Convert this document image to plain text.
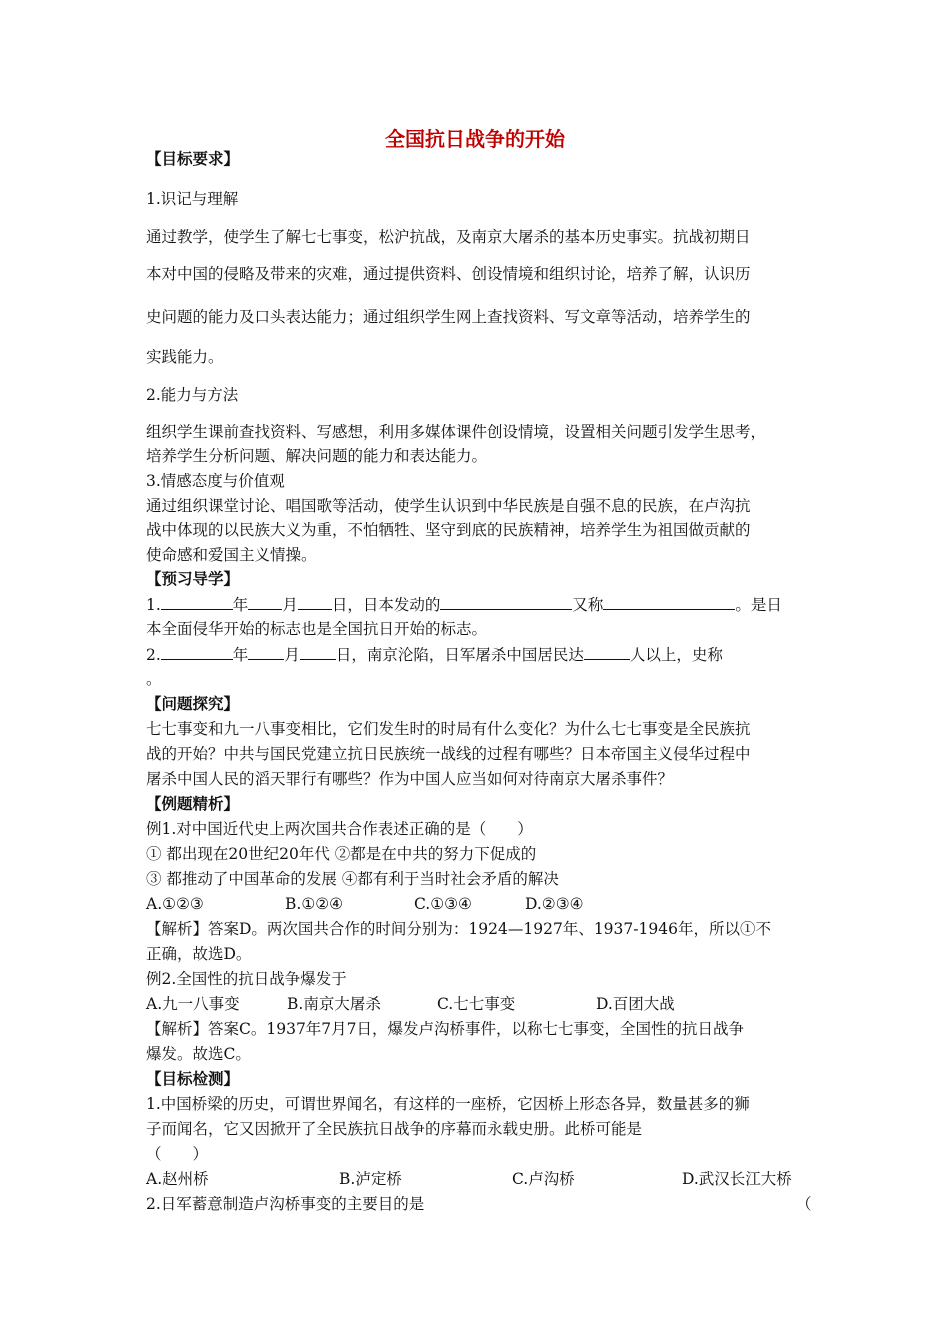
全国抗日战争的开始
【目标要求】
1.识记与理解
通过教学，使学生了解七七事变，松沪抗战，及南京大屠杀的基本历史事实。抗战初期日
本对中国的侵略及带来的灾难，通过提供资料、创设情境和组织讨论，培养了解，认识历
史问题的能力及口头表达能力；通过组织学生网上查找资料、写文章等活动，培养学生的
实践能力。
2.能力与方法
组织学生课前查找资料、写感想，利用多媒体课件创设情境，设置相关问题引发学生思考，
培养学生分析问题、解决问题的能力和表达能力。
3.情感态度与价值观
通过组织课堂讨论、唱国歌等活动，使学生认识到中华民族是自强不息的民族，在卢沟抗
战中体现的以民族大义为重，不怕牺牲、坚守到底的民族精神，培养学生为祖国做贡献的
使命感和爱国主义情操。
【预习导学】
1.	年 月 日，日本发动的	又称	。是日
本全面侵华开始的标志也是全国抗日开始的标志。
2.	年 月 日，南京沦陷，日军屠杀中国居民达	人以上，史称
。
【问题探究】
七七事变和九一八事变相比，它们发生时的时局有什么变化？为什么七七事变是全民族抗
战的开始？中共与国民党建立抗日民族统一战线的过程有哪些？日本帝国主义侵华过程中
屠杀中国人民的滔天罪行有哪些？作为中国人应当如何对待南京大屠杀事件？
【例题精析】
例1.对中国近代史上两次国共合作表述正确的是（　　）
① 都出现在20世纪20年代 ②都是在中共的努力下促成的
③ 都推动了中国革命的发展 ④都有利于当时社会矛盾的解决
A.①②③	B.①②④	C.①③④	D.②③④
【解析】答案D。两次国共合作的时间分别为：1924—1927年、1937-1946年，所以①不
正确，故选D。
例2.全国性的抗日战争爆发于
A.九一八事变	B.南京大屠杀	C.七七事变	D.百团大战
【解析】答案C。1937年7月7日，爆发卢沟桥事件，以称七七事变，全国性的抗日战争
爆发。故选C。
【目标检测】
1.中国桥梁的历史，可谓世界闻名，有这样的一座桥，它因桥上形态各异，数量甚多的狮
子而闻名，它又因掀开了全民族抗日战争的序幕而永载史册。此桥可能是
（　　）
A.赵州桥	B.泸定桥	C.卢沟桥	D.武汉长江大桥
2.日军蓄意制造卢沟桥事变的主要目的是	（
